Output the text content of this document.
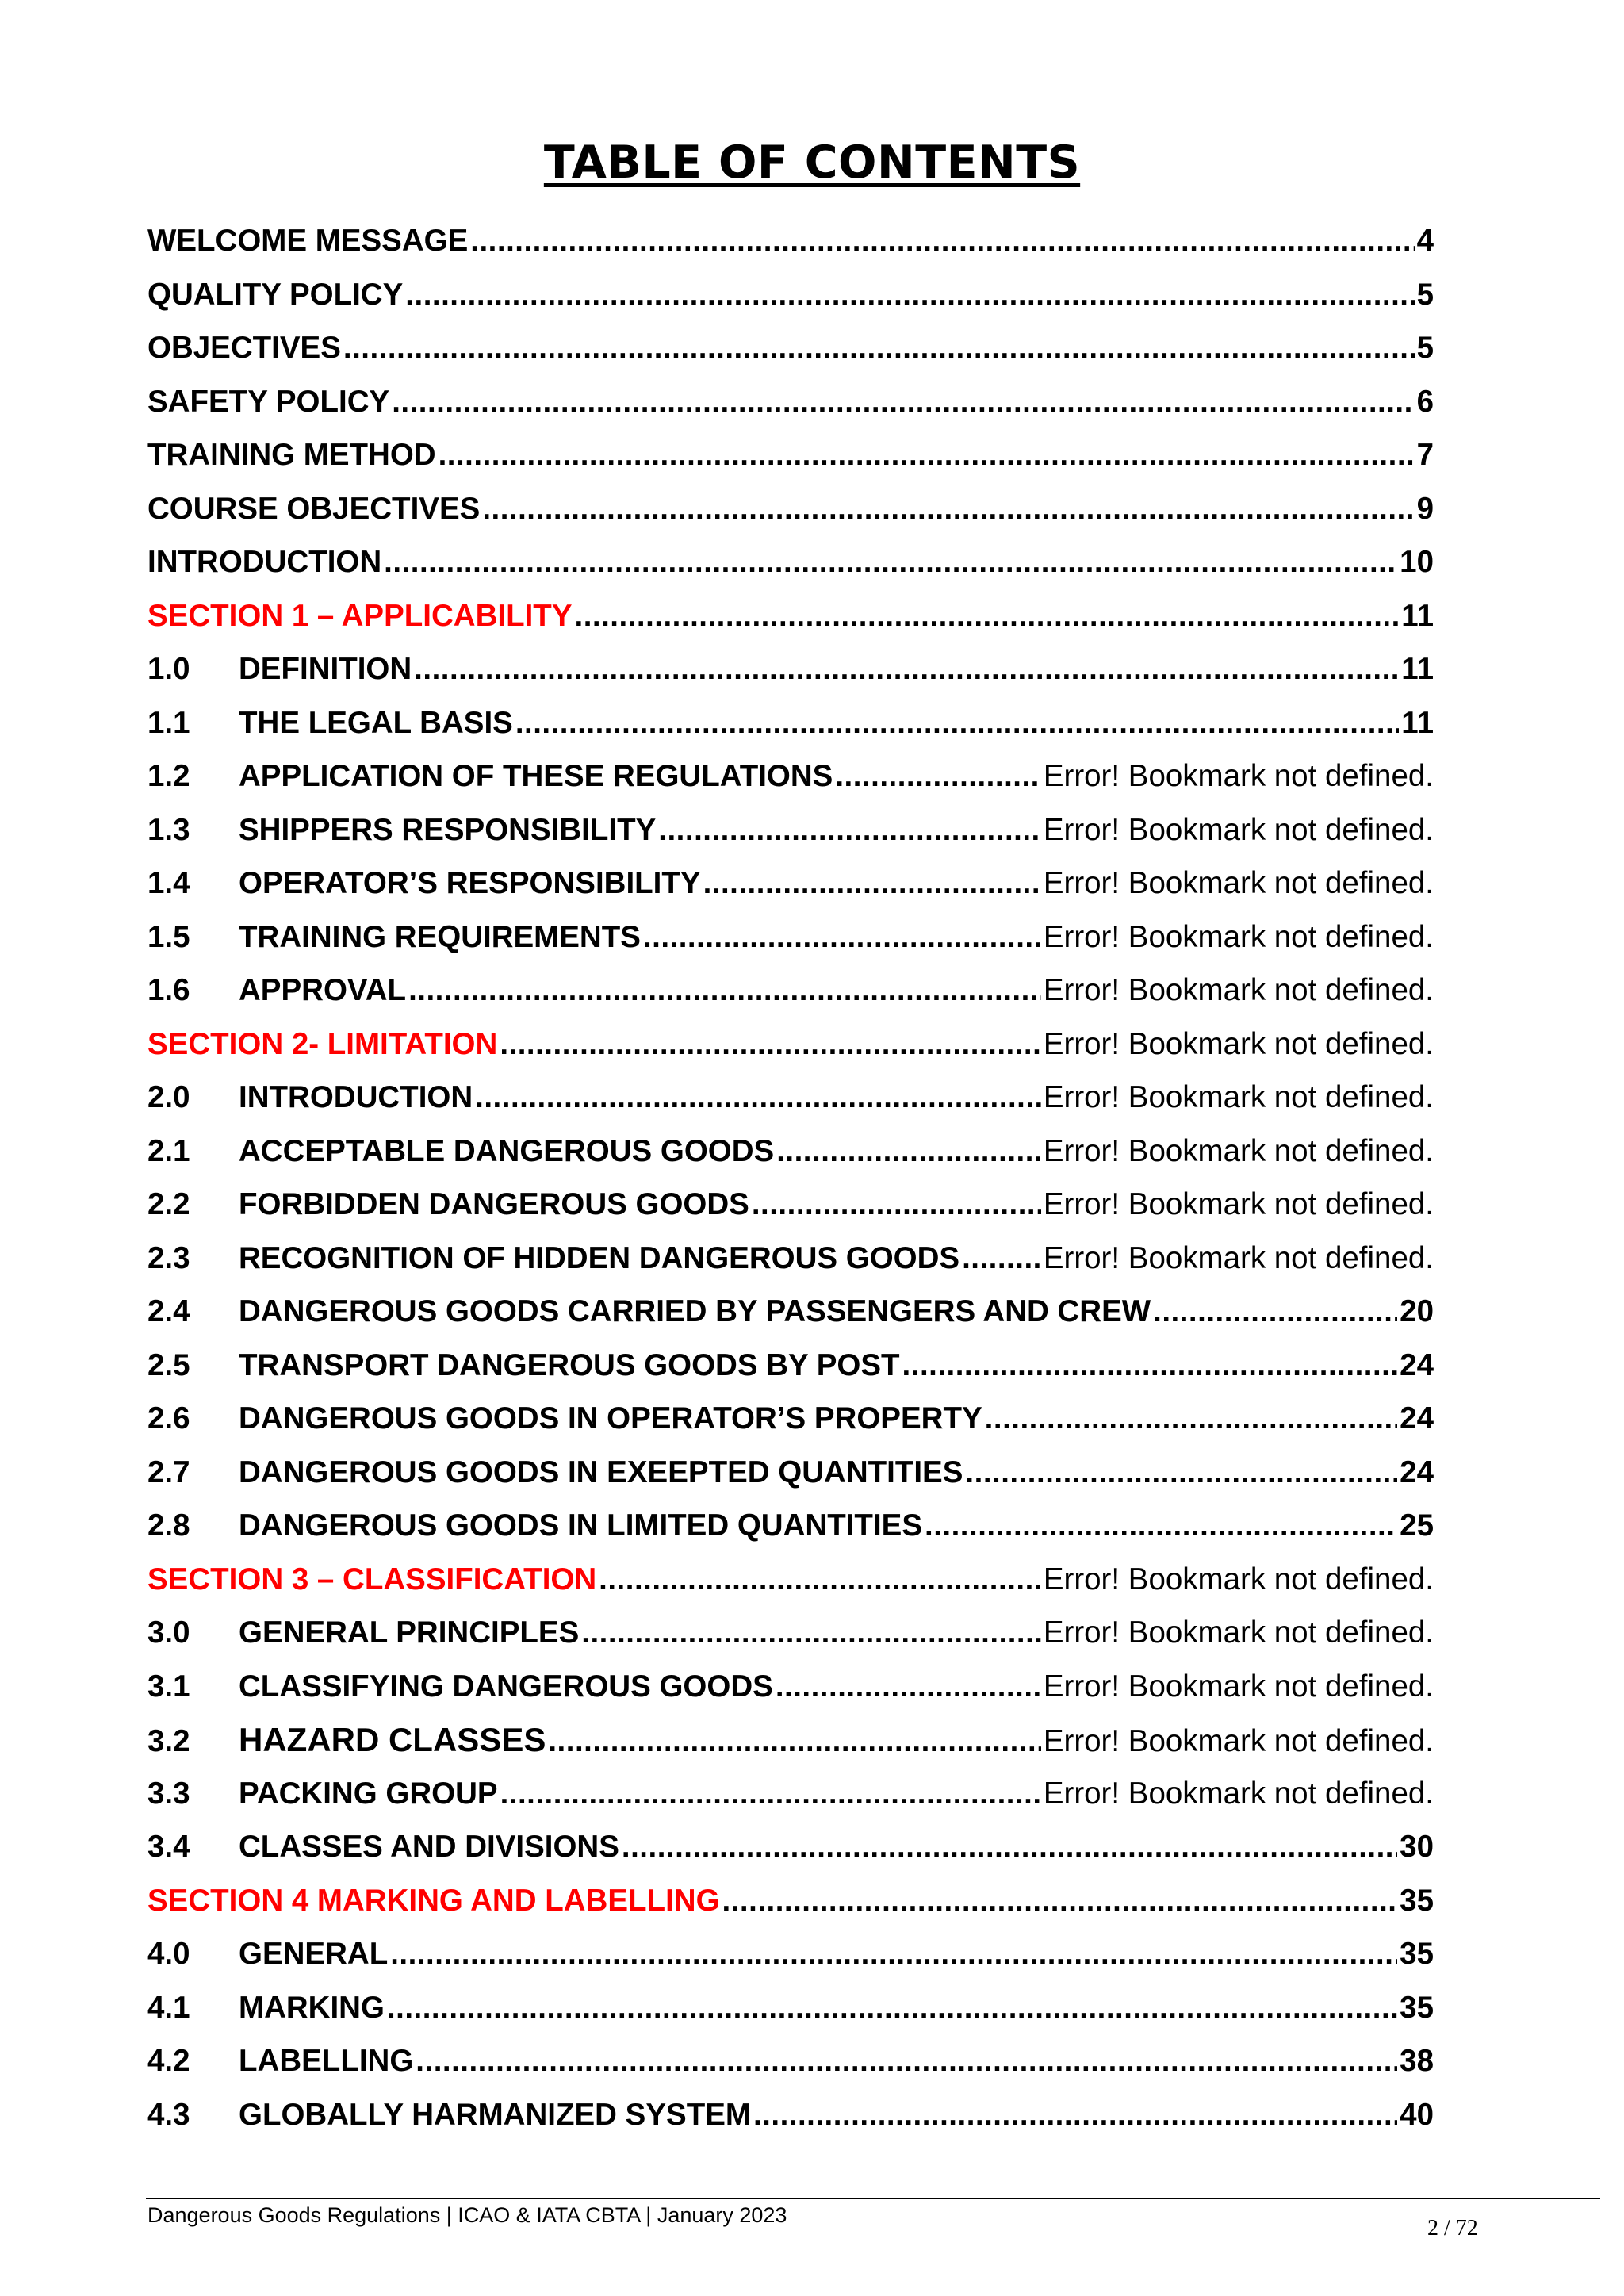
TABLE OF CONTENTS
WELCOME MESSAGE .....	4
QUALITY POLICY .....	5
OBJECTIVES .....	5
SAFETY POLICY .....	6
TRAINING METHOD .....	7
COURSE OBJECTIVES .....	9
INTRODUCTION .....	10
SECTION 1 – APPLICABILITY .....	11
1.0	DEFINITION .....	11
1.1	THE LEGAL BASIS .....	11
1.2	APPLICATION OF THESE REGULATIONS .....	Error! Bookmark not defined.
1.3	SHIPPERS RESPONSIBILITY .....	Error! Bookmark not defined.
1.4	OPERATOR’S RESPONSIBILITY .....	Error! Bookmark not defined.
1.5	TRAINING REQUIREMENTS .....	Error! Bookmark not defined.
1.6	APPROVAL .....	Error! Bookmark not defined.
SECTION 2- LIMITATION .....	Error! Bookmark not defined.
2.0	INTRODUCTION .....	Error! Bookmark not defined.
2.1	ACCEPTABLE DANGEROUS GOODS .....	Error! Bookmark not defined.
2.2	FORBIDDEN DANGEROUS GOODS .....	Error! Bookmark not defined.
2.3	RECOGNITION OF HIDDEN DANGEROUS GOODS .....	Error! Bookmark not defined.
2.4	DANGEROUS GOODS CARRIED BY PASSENGERS AND CREW .....	20
2.5	TRANSPORT DANGEROUS GOODS BY POST .....	24
2.6	DANGEROUS GOODS IN OPERATOR’S PROPERTY .....	24
2.7	DANGEROUS GOODS IN EXEEPTED QUANTITIES .....	24
2.8	DANGEROUS GOODS IN LIMITED QUANTITIES .....	25
SECTION 3 – CLASSIFICATION .....	Error! Bookmark not defined.
3.0	GENERAL PRINCIPLES .....	Error! Bookmark not defined.
3.1	CLASSIFYING DANGEROUS GOODS .....	Error! Bookmark not defined.
3.2	HAZARD CLASSES .....	Error! Bookmark not defined.
3.3	PACKING GROUP .....	Error! Bookmark not defined.
3.4	CLASSES AND DIVISIONS .....	30
SECTION 4 MARKING AND LABELLING .....	35
4.0	GENERAL .....	35
4.1	MARKING .....	35
4.2	LABELLING .....	38
4.3	GLOBALLY HARMANIZED SYSTEM .....	40
Dangerous Goods Regulations | ICAO & IATA CBTA | January 2023
2 / 72
